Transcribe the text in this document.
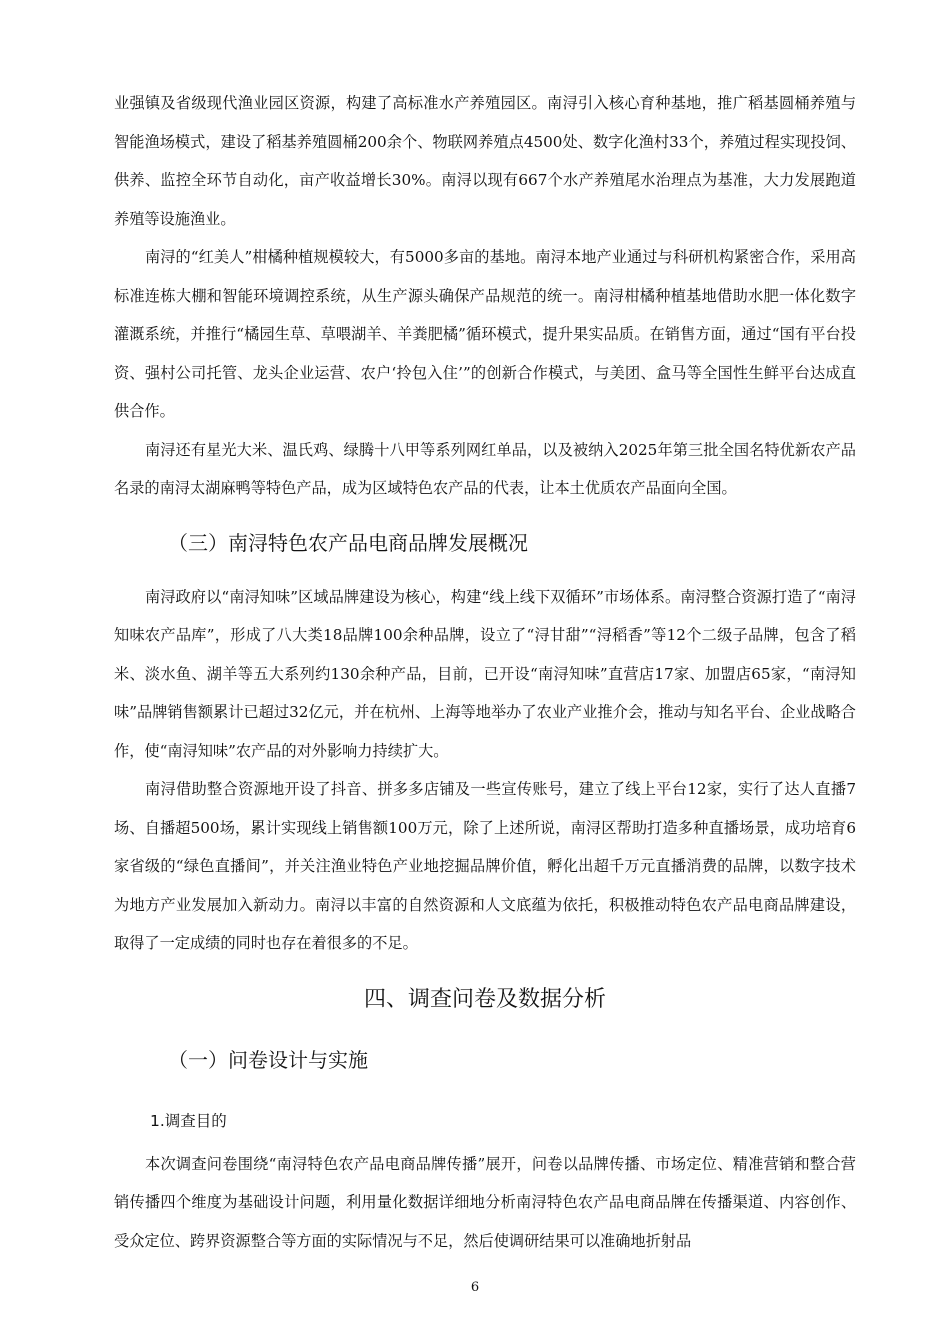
业强镇及省级现代渔业园区资源，构建了高标准水产养殖园区。南浔引入核心育种基地，推广稻基圆桶养殖与智能渔场模式，建设了稻基养殖圆桶200余个、物联网养殖点4500处、数字化渔村33个，养殖过程实现投饲、供养、监控全环节自动化，亩产收益增长30%。南浔以现有667个水产养殖尾水治理点为基准，大力发展跑道养殖等设施渔业。

南浔的“红美人”柑橘种植规模较大，有5000多亩的基地。南浔本地产业通过与科研机构紧密合作，采用高标准连栋大棚和智能环境调控系统，从生产源头确保产品规范的统一。南浔柑橘种植基地借助水肥一体化数字灌溉系统，并推行“橘园生草、草喂湖羊、羊粪肥橘”循环模式，提升果实品质。在销售方面，通过“国有平台投资、强村公司托管、龙头企业运营、农户‘拎包入住’”的创新合作模式，与美团、盒马等全国性生鲜平台达成直供合作。

南浔还有星光大米、温氏鸡、绿腾十八甲等系列网红单品，以及被纳入2025年第三批全国名特优新农产品名录的南浔太湖麻鸭等特色产品，成为区域特色农产品的代表，让本土优质农产品面向全国。

（三）南浔特色农产品电商品牌发展概况

南浔政府以“南浔知味”区域品牌建设为核心，构建“线上线下双循环”市场体系。南浔整合资源打造了“南浔知味农产品库”，形成了八大类18品牌100余种品牌，设立了“浔甘甜”“浔稻香”等12个二级子品牌，包含了稻米、淡水鱼、湖羊等五大系列约130余种产品，目前，已开设“南浔知味”直营店17家、加盟店65家，“南浔知味”品牌销售额累计已超过32亿元，并在杭州、上海等地举办了农业产业推介会，推动与知名平台、企业战略合作，使“南浔知味”农产品的对外影响力持续扩大。

南浔借助整合资源地开设了抖音、拼多多店铺及一些宣传账号，建立了线上平台12家，实行了达人直播7场、自播超500场，累计实现线上销售额100万元，除了上述所说，南浔区帮助打造多种直播场景，成功培育6家省级的“绿色直播间”，并关注渔业特色产业地挖掘品牌价值，孵化出超千万元直播消费的品牌，以数字技术为地方产业发展加入新动力。南浔以丰富的自然资源和人文底蕴为依托，积极推动特色农产品电商品牌建设，取得了一定成绩的同时也存在着很多的不足。

四、调查问卷及数据分析
（一）问卷设计与实施
1.调查目的

本次调查问卷围绕“南浔特色农产品电商品牌传播”展开，问卷以品牌传播、市场定位、精准营销和整合营销传播四个维度为基础设计问题，利用量化数据详细地分析南浔特色农产品电商品牌在传播渠道、内容创作、受众定位、跨界资源整合等方面的实际情况与不足，然后使调研结果可以准确地折射品

6
